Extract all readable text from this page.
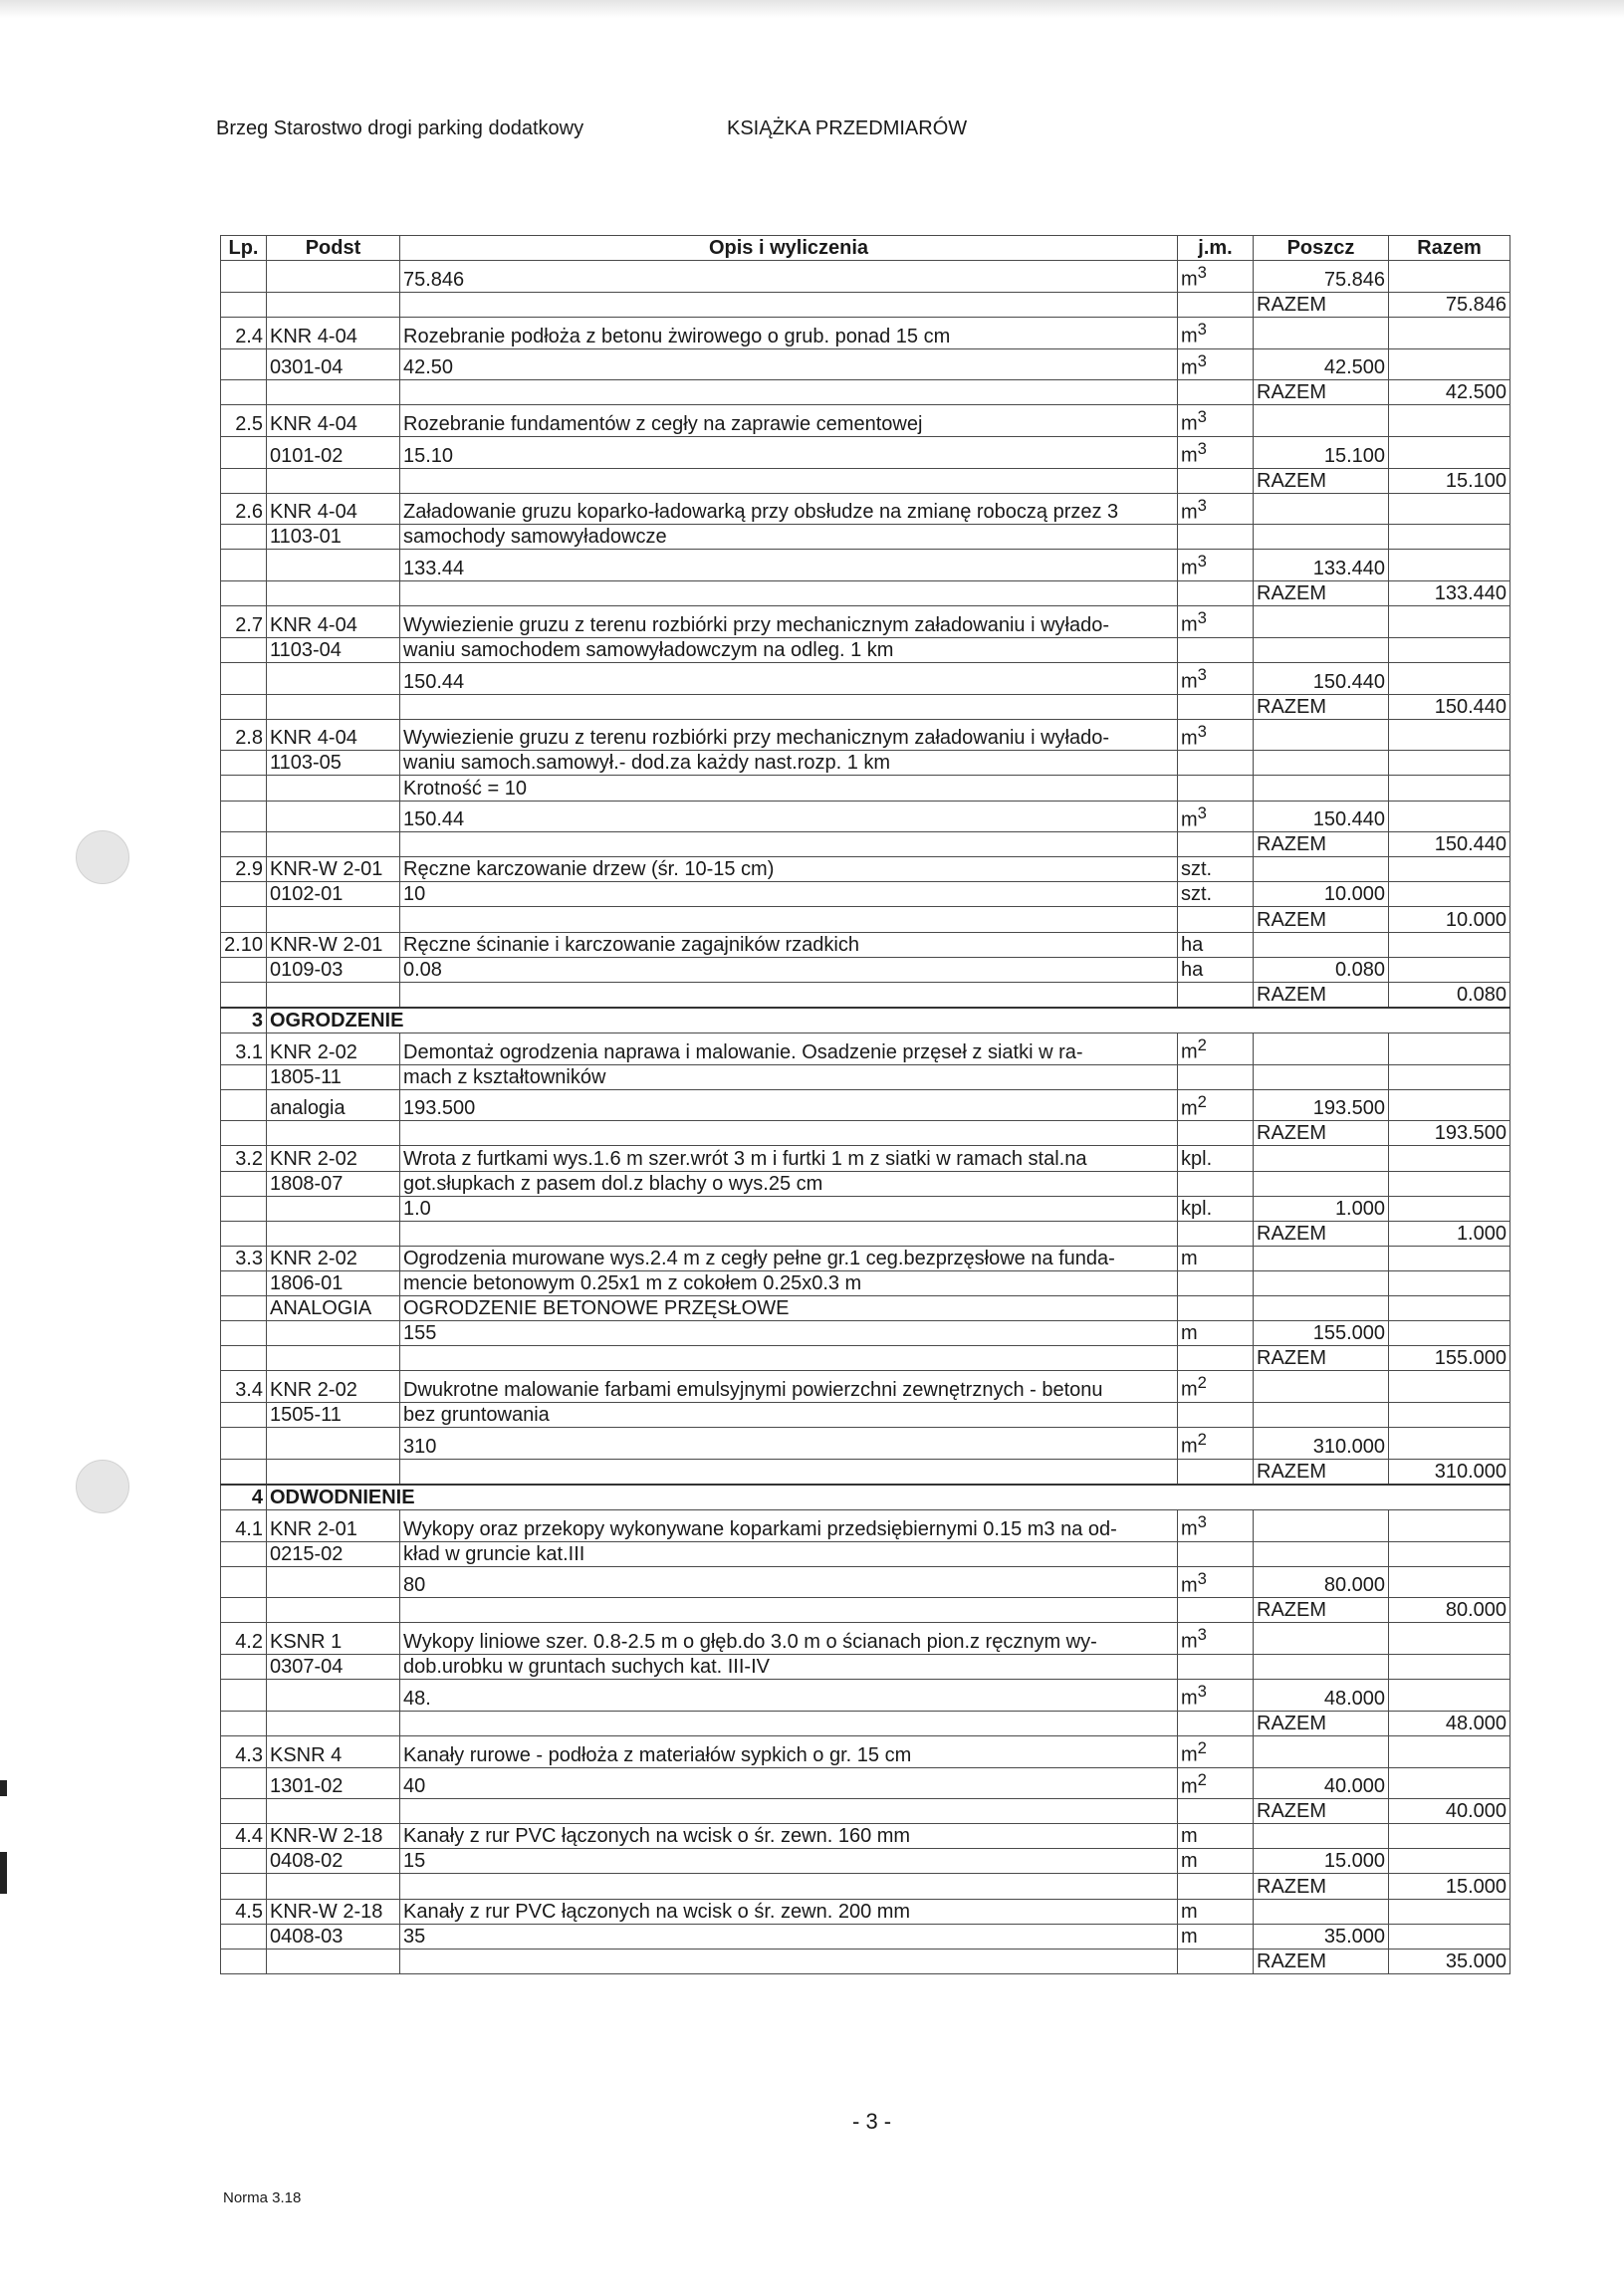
Brzeg Starostwo drogi parking dodatkowy	KSIĄŻKA PRZEDMIARÓW
Lp.	Podst	Opis i wyliczenia	j.m.	Poszcz	Razem
		75.846	$m^3$	75.846	
				RAZEM	75.846
2.4	KNR 4-04	Rozebranie podłoża z betonu żwirowego o grub. ponad 15 cm	$m^3$		
	0301-04	42.50	$m^3$	42.500	
				RAZEM	42.500
2.5	KNR 4-04	Rozebranie fundamentów z cegły na zaprawie cementowej	$m^3$		
	0101-02	15.10	$m^3$	15.100	
				RAZEM	15.100
2.6	KNR 4-04	Załadowanie gruzu koparko-ładowarką przy obsłudze na zmianę roboczą przez 3	$m^3$		
	1103-01	samochody samowyładowcze			
		133.44	$m^3$	133.440	
				RAZEM	133.440
2.7	KNR 4-04	Wywiezienie gruzu z terenu rozbiórki przy mechanicznym załadowaniu i wyłado-	$m^3$		
	1103-04	waniu samochodem samowyładowczym na odleg. 1 km			
		150.44	$m^3$	150.440	
				RAZEM	150.440
2.8	KNR 4-04	Wywiezienie gruzu z terenu rozbiórki przy mechanicznym załadowaniu i wyłado-	$m^3$		
	1103-05	waniu samoch.samowył.- dod.za każdy nast.rozp. 1 km			
		Krotność = 10			
		150.44	$m^3$	150.440	
				RAZEM	150.440
2.9	KNR-W 2-01	Ręczne karczowanie drzew (śr. 10-15 cm)	szt.		
	0102-01	10	szt.	10.000	
				RAZEM	10.000
2.10	KNR-W 2-01	Ręczne ścinanie i karczowanie zagajników rzadkich	ha		
	0109-03	0.08	ha	0.080	
				RAZEM	0.080
3	OGRODZENIE				
3.1	KNR 2-02	Demontaż ogrodzenia naprawa i malowanie. Osadzenie przęseł z siatki w ra-	$m^2$		
	1805-11	mach z kształtowników			
	analogia	193.500	$m^2$	193.500	
				RAZEM	193.500
3.2	KNR 2-02	Wrota z furtkami wys.1.6 m szer.wrót 3 m i furtki 1 m z siatki w ramach stal.na	kpl.		
	1808-07	got.słupkach z pasem dol.z blachy o wys.25 cm			
		1.0	kpl.	1.000	
				RAZEM	1.000
3.3	KNR 2-02	Ogrodzenia murowane wys.2.4 m z cegły pełne gr.1 ceg.bezprzęsłowe na funda-	m		
	1806-01	mencie betonowym 0.25x1 m z cokołem 0.25x0.3 m			
	ANALOGIA	OGRODZENIE BETONOWE PRZĘSŁOWE			
		155	m	155.000	
				RAZEM	155.000
3.4	KNR 2-02	Dwukrotne malowanie farbami emulsyjnymi powierzchni zewnętrznych - betonu	$m^2$		
	1505-11	bez gruntowania			
		310	$m^2$	310.000	
				RAZEM	310.000
4	ODWODNIENIE				
4.1	KNR 2-01	Wykopy oraz przekopy wykonywane koparkami przedsiębiernymi 0.15 m3 na od-	$m^3$		
	0215-02	kład w gruncie kat.III			
		80	$m^3$	80.000	
				RAZEM	80.000
4.2	KSNR 1	Wykopy liniowe szer. 0.8-2.5 m o głęb.do 3.0 m o ścianach pion.z ręcznym wy-	$m^3$		
	0307-04	dob.urobku w gruntach suchych kat. III-IV			
		48.	$m^3$	48.000	
				RAZEM	48.000
4.3	KSNR 4	Kanały rurowe - podłoża z materiałów sypkich o gr. 15 cm	$m^2$		
	1301-02	40	$m^2$	40.000	
				RAZEM	40.000
4.4	KNR-W 2-18	Kanały z rur PVC łączonych na wcisk o śr. zewn. 160 mm	m		
	0408-02	15	m	15.000	
				RAZEM	15.000
4.5	KNR-W 2-18	Kanały z rur PVC łączonych na wcisk o śr. zewn. 200 mm	m		
	0408-03	35	m	35.000	
				RAZEM	35.000
- 3 -
Norma 3.18
